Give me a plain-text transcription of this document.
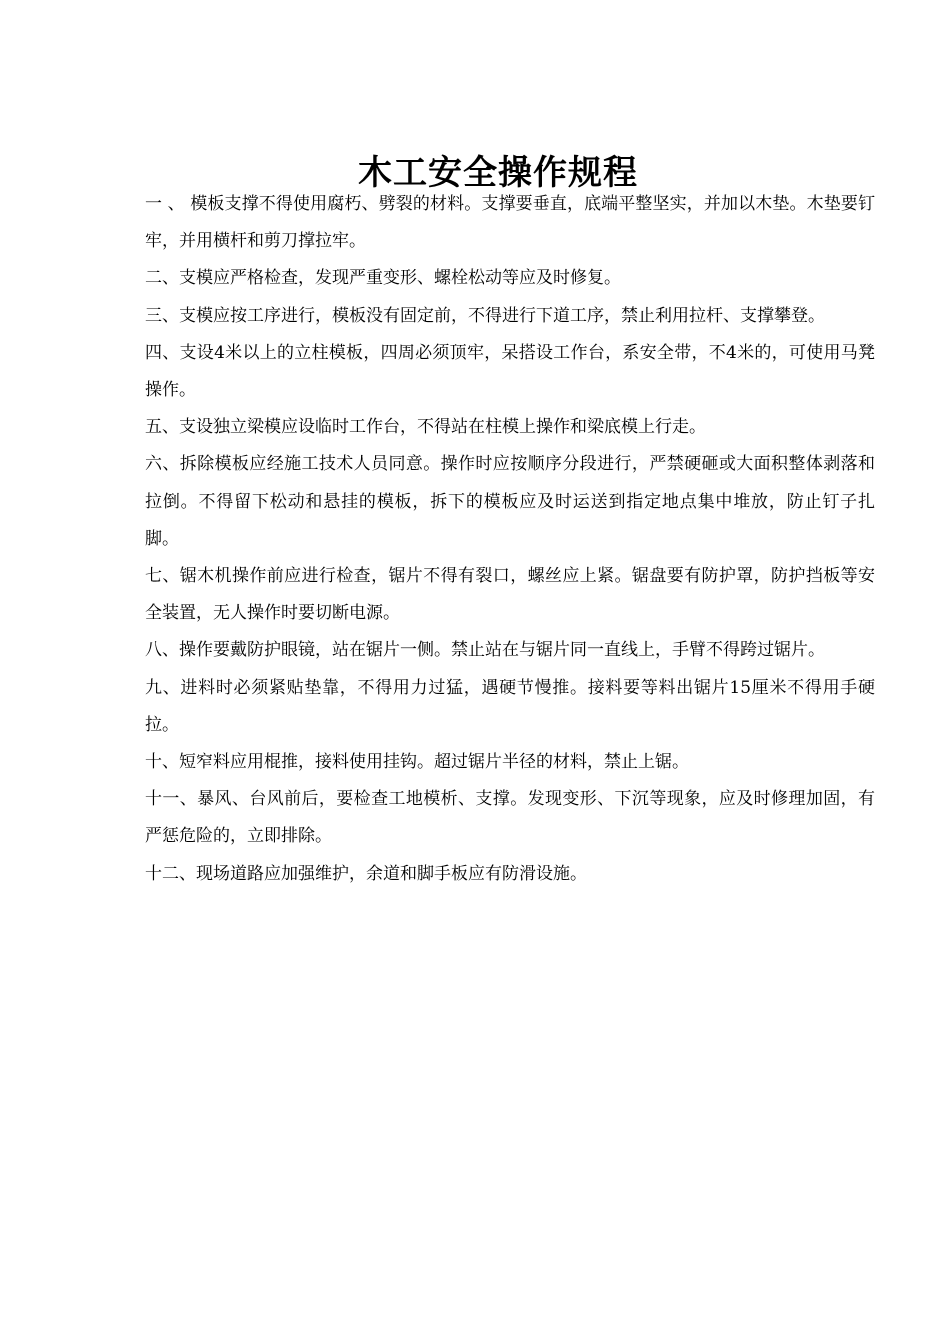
木工安全操作规程

一 、 模板支撑不得使用腐朽、劈裂的材料。支撑要垂直，底端平整坚实，并加以木垫。木垫要钉牢，并用横杆和剪刀撑拉牢。

二、支模应严格检查，发现严重变形、螺栓松动等应及时修复。

三、支模应按工序进行，模板没有固定前，不得进行下道工序，禁止利用拉杆、支撑攀登。

四、支设4米以上的立柱模板，四周必须顶牢，呆搭设工作台，系安全带，不4米的，可使用马凳操作。

五、支设独立梁模应设临时工作台，不得站在柱模上操作和梁底模上行走。

六、拆除模板应经施工技术人员同意。操作时应按顺序分段进行，严禁硬砸或大面积整体剥落和拉倒。不得留下松动和悬挂的模板，拆下的模板应及时运送到指定地点集中堆放，防止钉子扎脚。

七、锯木机操作前应进行检查，锯片不得有裂口，螺丝应上紧。锯盘要有防护罩，防护挡板等安全装置，无人操作时要切断电源。

八、操作要戴防护眼镜，站在锯片一侧。禁止站在与锯片同一直线上，手臂不得跨过锯片。

九、进料时必须紧贴垫靠，不得用力过猛，遇硬节慢推。接料要等料出锯片15厘米不得用手硬拉。

十、短窄料应用棍推，接料使用挂钩。超过锯片半径的材料，禁止上锯。

十一、暴风、台风前后，要检查工地模析、支撑。发现变形、下沉等现象，应及时修理加固，有严惩危险的，立即排除。

十二、现场道路应加强维护，余道和脚手板应有防滑设施。
